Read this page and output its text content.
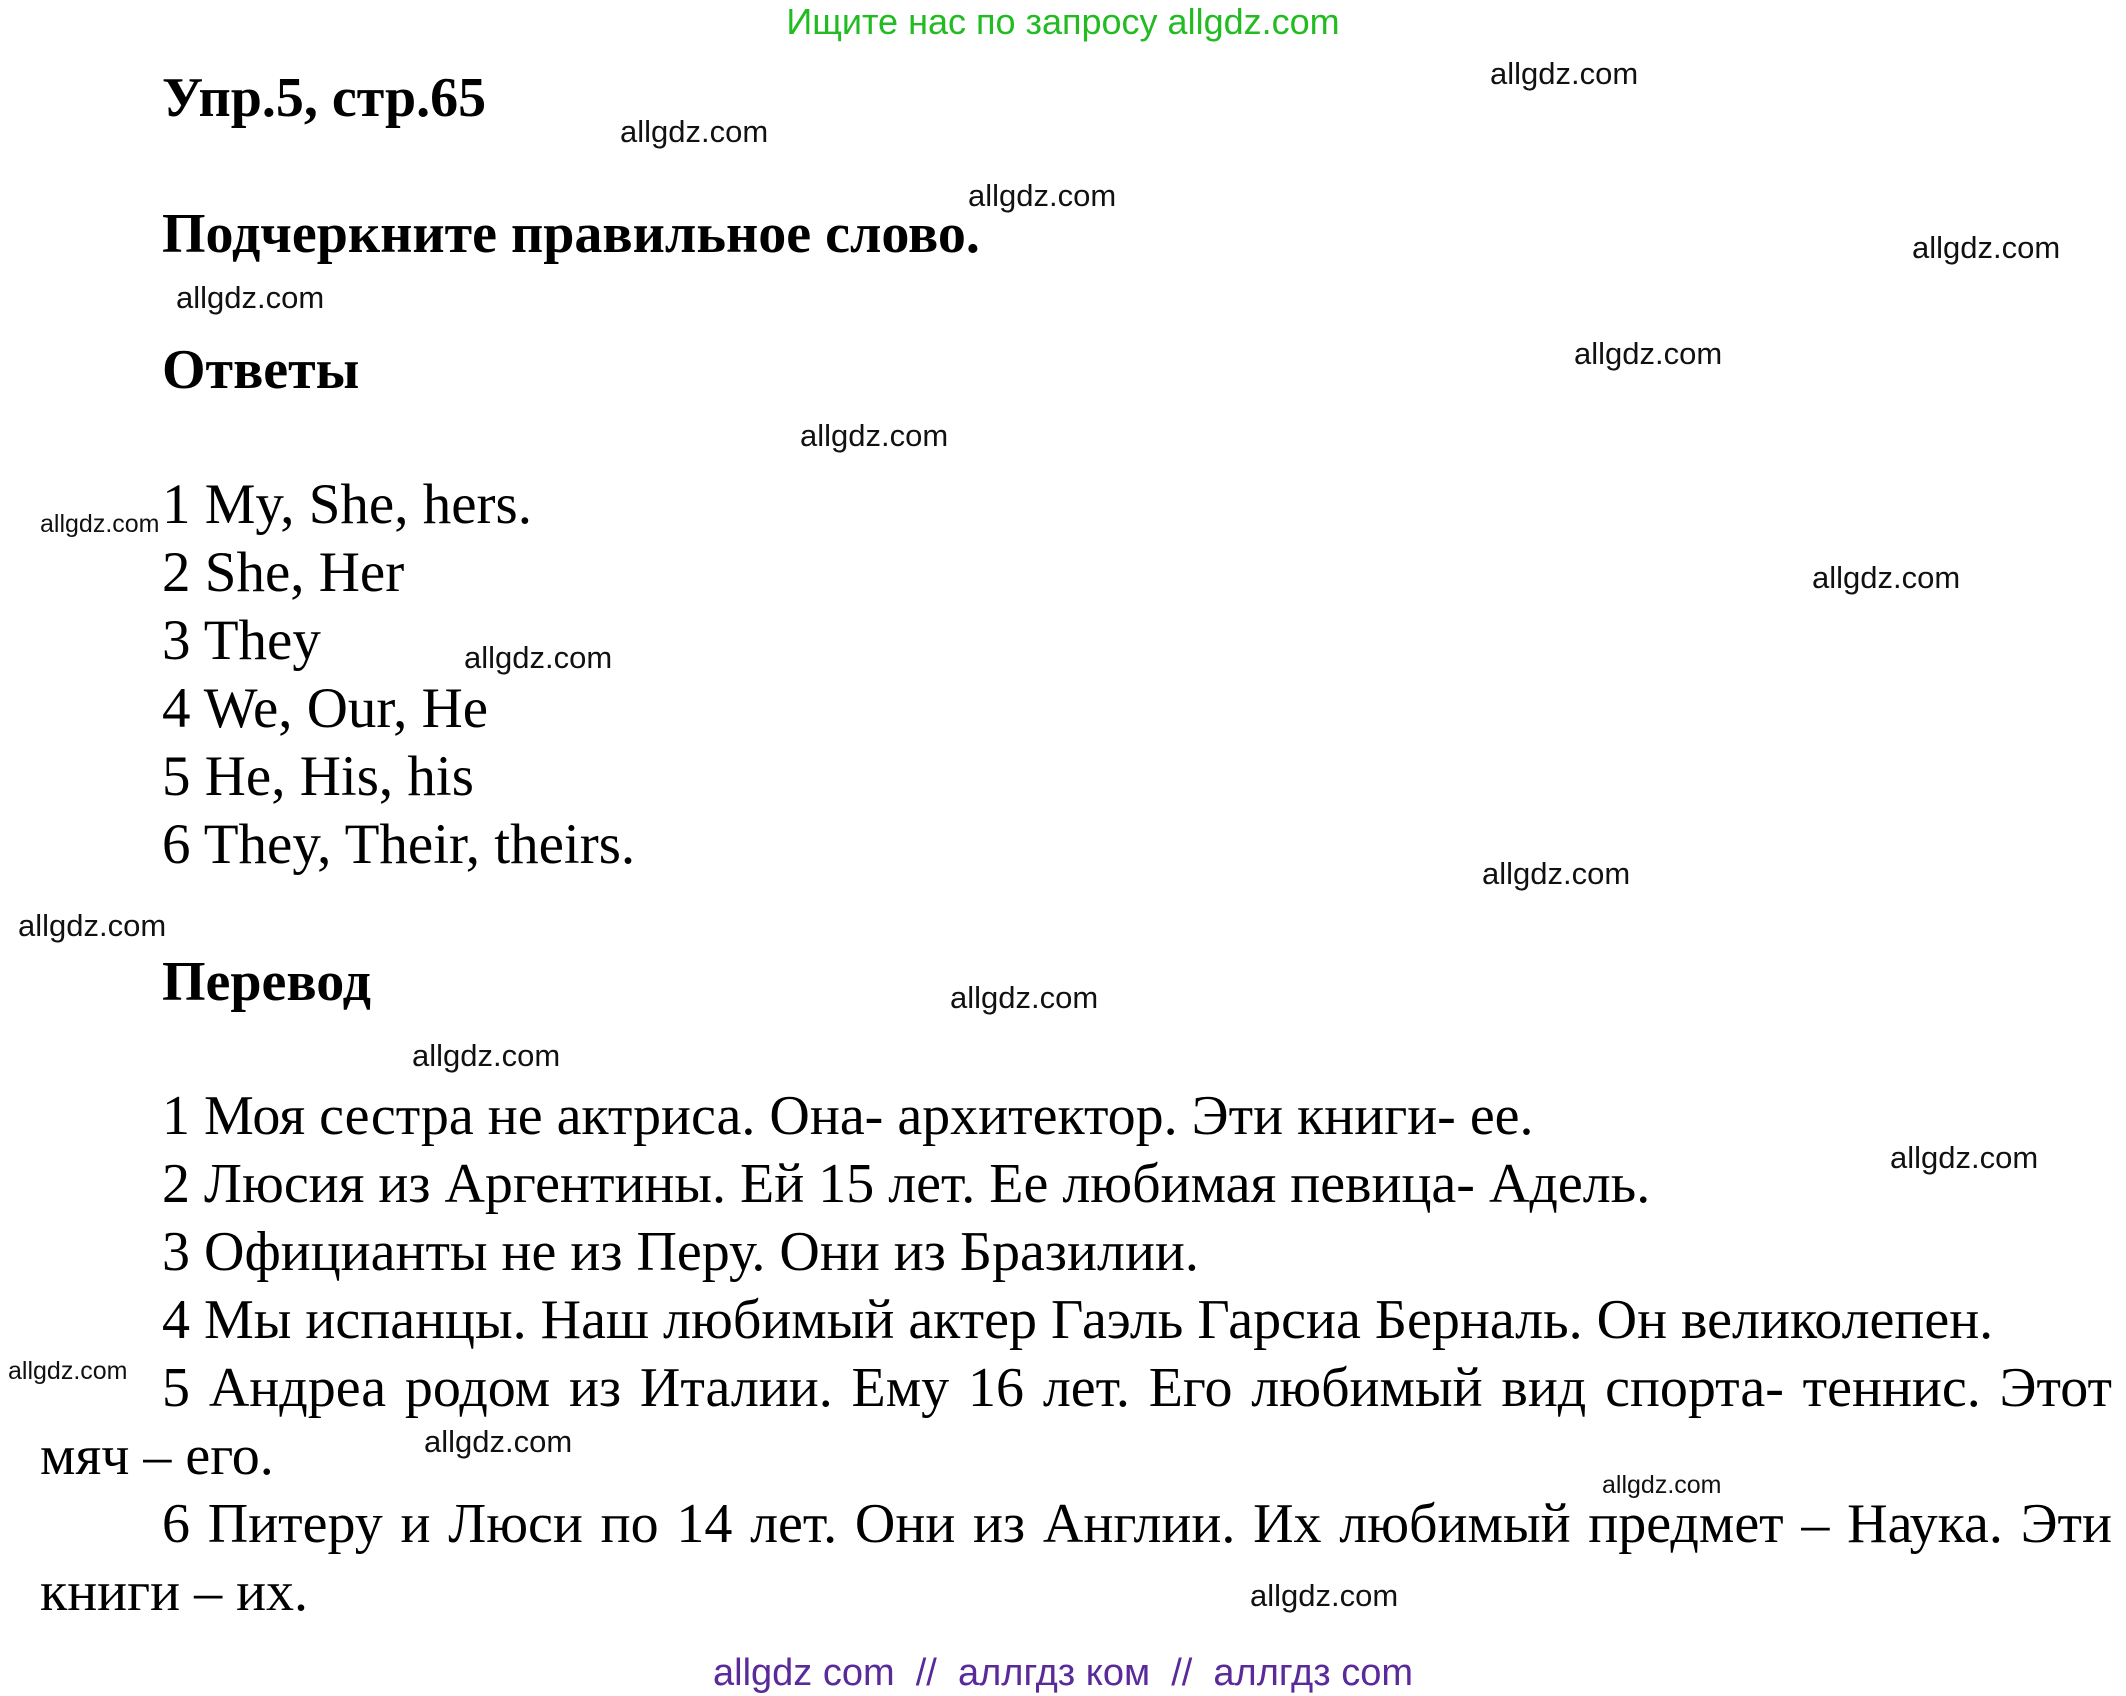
Ищите нас по запросу allgdz.com
Упр.5, стр.65
Подчеркните правильное слово.
Ответы
1 My, She, hers.
2 She, Her
3 They
4 We, Our, He
5 He, His, his
6 They, Their, theirs.
Перевод

1 Моя сестра не актриса. Она- архитектор. Эти книги- ее.

2 Люсия из Аргентины. Ей 15 лет. Ее любимая певица- Адель.

3 Официанты не из Перу. Они из Бразилии.

4 Мы испанцы. Наш любимый актер Гаэль Гарсиа Берналь. Он великолепен.

5 Андреа родом из Италии. Ему 16 лет. Его любимый вид спорта- теннис. Этот мяч – его.

6 Питеру и Люси по 14 лет. Они из Англии. Их любимый предмет – Наука. Эти книги – их.

allgdz.com
allgdz.com
allgdz.com
allgdz.com
allgdz.com
allgdz.com
allgdz.com
allgdz.com
allgdz.com
allgdz.com
allgdz.com
allgdz.com
allgdz.com
allgdz.com
allgdz.com
allgdz.com
allgdz.com
allgdz.com
allgdz.com
allgdz com  //  аллгдз ком  //  аллгдз com
